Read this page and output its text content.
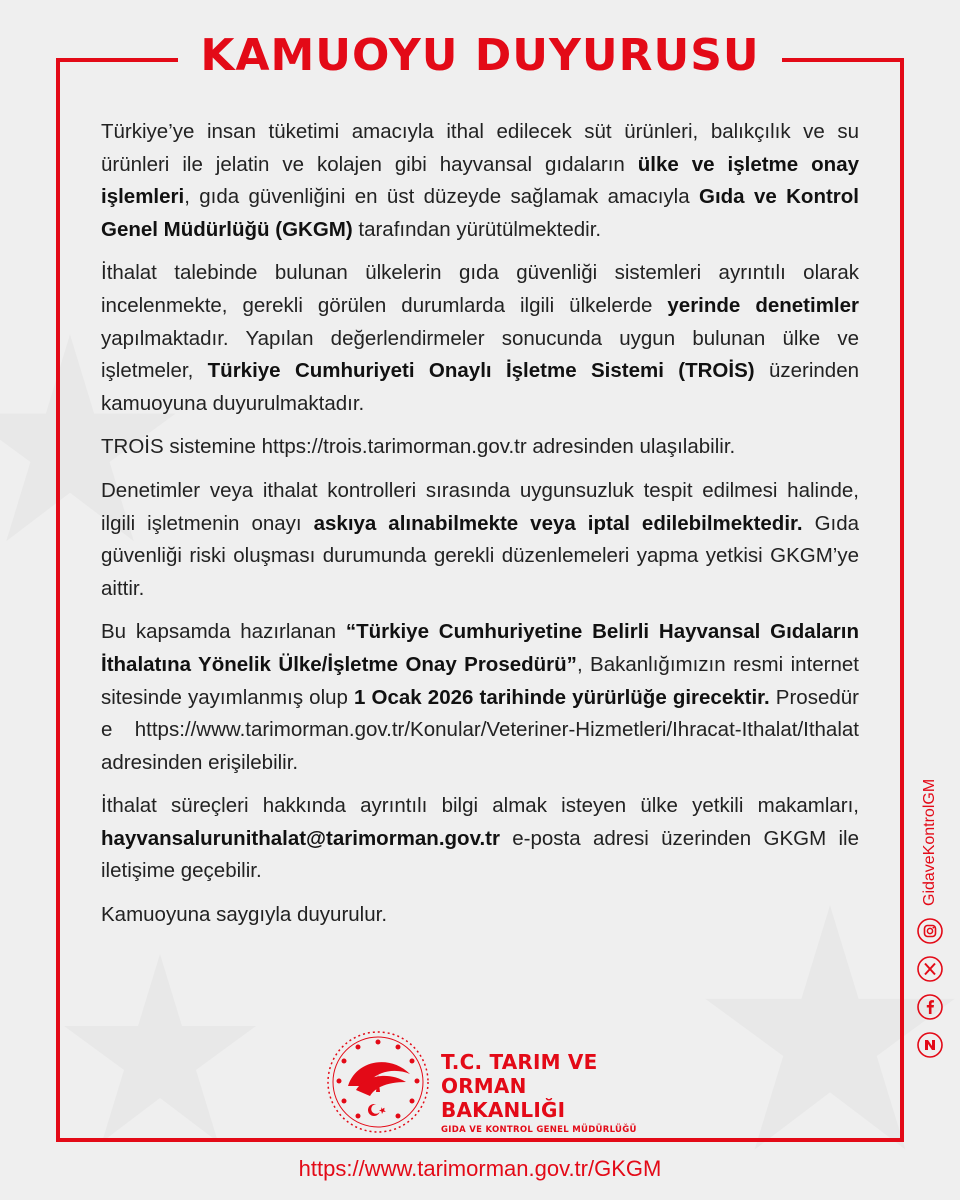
KAMUOYU DUYURUSU

Türkiye’ye insan tüketimi amacıyla ithal edilecek süt ürünleri, balıkçılık ve su ürünleri ile jelatin ve kolajen gibi hayvansal gıdaların ülke ve işletme onay işlemleri, gıda güvenliğini en üst düzeyde sağlamak amacıyla Gıda ve Kontrol Genel Müdürlüğü (GKGM) tarafından yürütülmektedir.

İthalat talebinde bulunan ülkelerin gıda güvenliği sistemleri ayrıntılı olarak incelenmekte, gerekli görülen durumlarda ilgili ülkelerde yerinde denetimler yapılmaktadır. Yapılan değerlendirmeler sonucunda uygun bulunan ülke ve işletmeler, Türkiye Cumhuriyeti Onaylı İşletme Sistemi (TROİS) üzerinden kamuoyuna duyurulmaktadır.

TROİS sistemine https://trois.tarimorman.gov.tr adresinden ulaşılabilir.

Denetimler veya ithalat kontrolleri sırasında uygunsuzluk tespit edilmesi halinde, ilgili işletmenin onayı askıya alınabilmekte veya iptal edilebilmektedir. Gıda güvenliği riski oluşması durumunda gerekli düzenlemeleri yapma yetkisi GKGM’ye aittir.

Bu kapsamda hazırlanan “Türkiye Cumhuriyetine Belirli Hayvansal Gıdaların İthalatına Yönelik Ülke/İşletme Onay Prosedürü”, Bakanlığımızın resmi internet sitesinde yayımlanmış olup 1 Ocak 2026 tarihinde yürürlüğe girecektir. Prosedüre https://www.tarimorman.gov.tr/Konular/Veteriner-Hizmetleri/Ihracat-Ithalat/Ithalat adresinden erişilebilir.

İthalat süreçleri hakkında ayrıntılı bilgi almak isteyen ülke yetkili makamları, hayvansalurunithalat@tarimorman.gov.tr e-posta adresi üzerinden GKGM ile iletişime geçebilir.

Kamuoyuna saygıyla duyurulur.

T.C. TARIM VE
ORMAN BAKANLIĞI
GIDA VE KONTROL GENEL MÜDÜRLÜĞÜ
https://www.tarimorman.gov.tr/GKGM
GidaveKontrolGM
